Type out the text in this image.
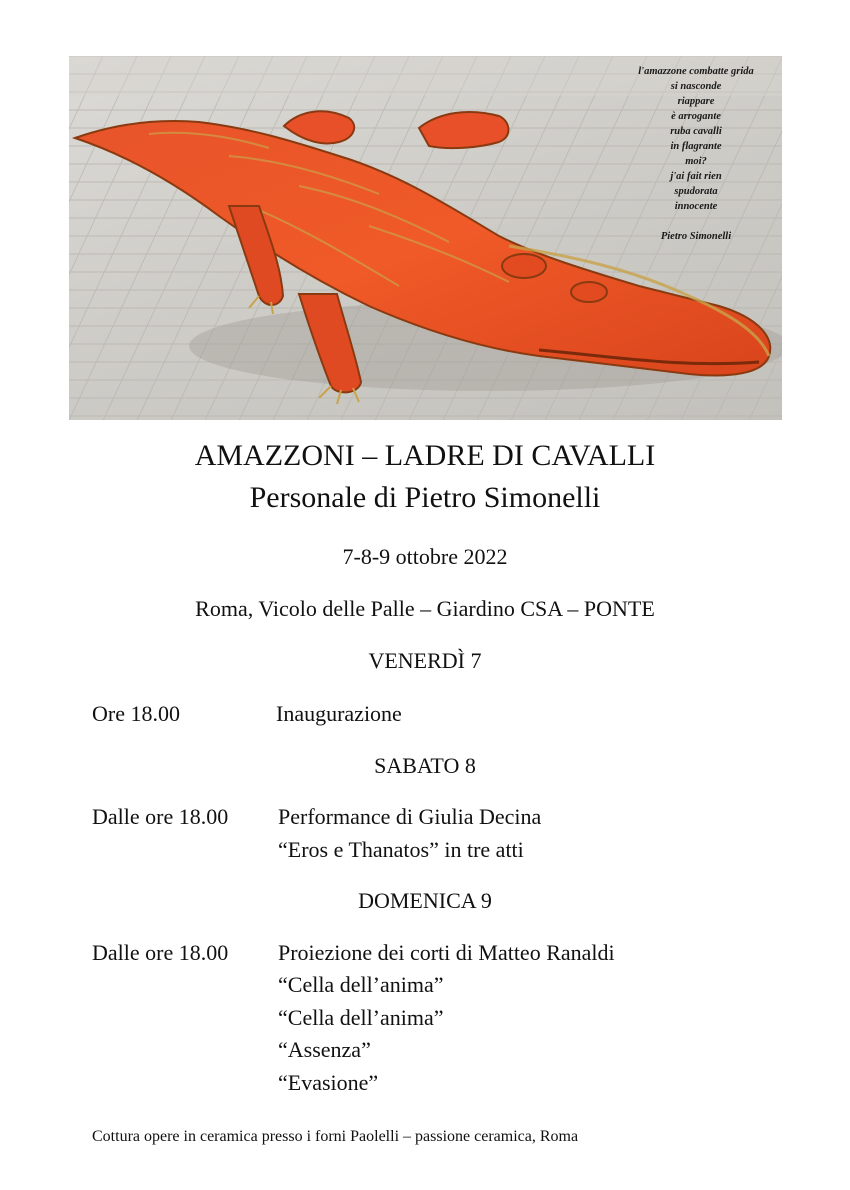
l'amazzone combatte grida
si nasconde
riappare
è arrogante
ruba cavalli
in flagrante
moi?
j'ai fait rien
spudorata
innocente
Pietro Simonelli
AMAZZONI – LADRE DI CAVALLI
Personale di Pietro Simonelli
7-8-9 ottobre 2022
Roma, Vicolo delle Palle – Giardino CSA – PONTE
VENERDÌ 7
Ore 18.00	Inaugurazione
SABATO 8
Dalle ore 18.00 Performance di Giulia Decina
“Eros e Thanatos” in tre atti
DOMENICA 9
Dalle ore 18.00 Proiezione dei corti di Matteo Ranaldi
“Cella dell’anima”
“Cella dell’anima”
“Assenza”
“Evasione”
Cottura opere in ceramica presso i forni Paolelli – passione ceramica, Roma
